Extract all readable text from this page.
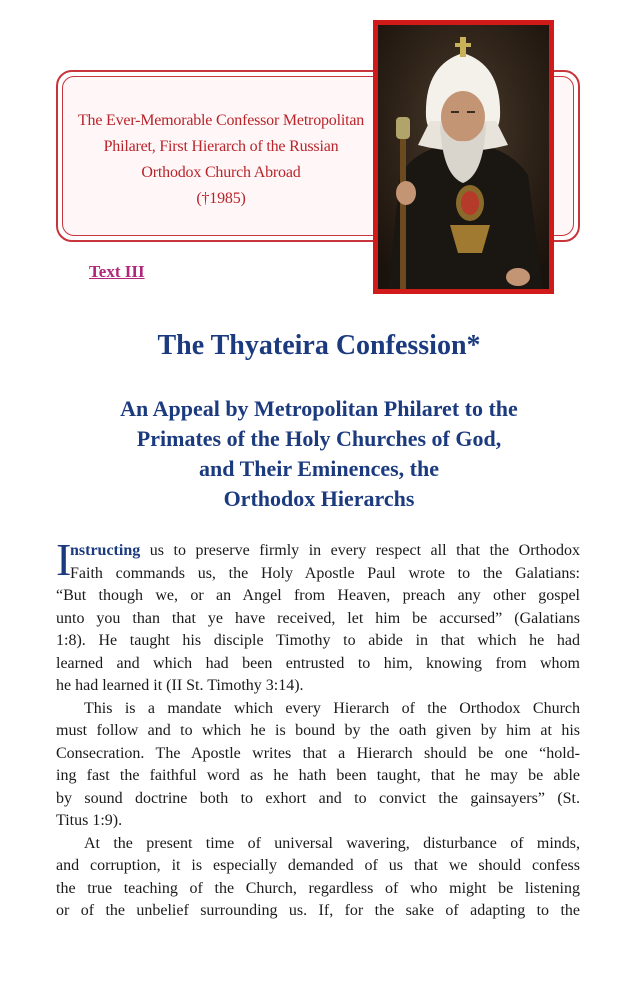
The Ever-Memorable Confessor Metropolitan
Philaret, First Hierarch of the Russian
Orthodox Church Abroad
(†1985)
Text III
The Thyateira Confession*
An Appeal by Metropolitan Philaret to the
Primates of the Holy Churches of God,
and Their Eminences, the
Orthodox Hierarchs
I
nstructing us to preserve firmly in every respect all that the Orthodox
Faith commands us, the Holy Apostle Paul wrote to the Galatians:
“But though we, or an Angel from Heaven, preach any other gospel
unto you than that ye have received, let him be accursed” (Galatians
1:8). He taught his disciple Timothy to abide in that which he had
learned and which had been entrusted to him, knowing from whom
he had learned it (II St. Timothy 3:14).
This is a mandate which every Hierarch of the Orthodox Church
must follow and to which he is bound by the oath given by him at his
Consecration. The Apostle writes that a Hierarch should be one “hold-
ing fast the faithful word as he hath been taught, that he may be able
by sound doctrine both to exhort and to convict the gainsayers” (St.
Titus 1:9).
At the present time of universal wavering, disturbance of minds,
and corruption, it is especially demanded of us that we should confess
the true teaching of the Church, regardless of who might be listening
or of the unbelief surrounding us. If, for the sake of adapting to the
